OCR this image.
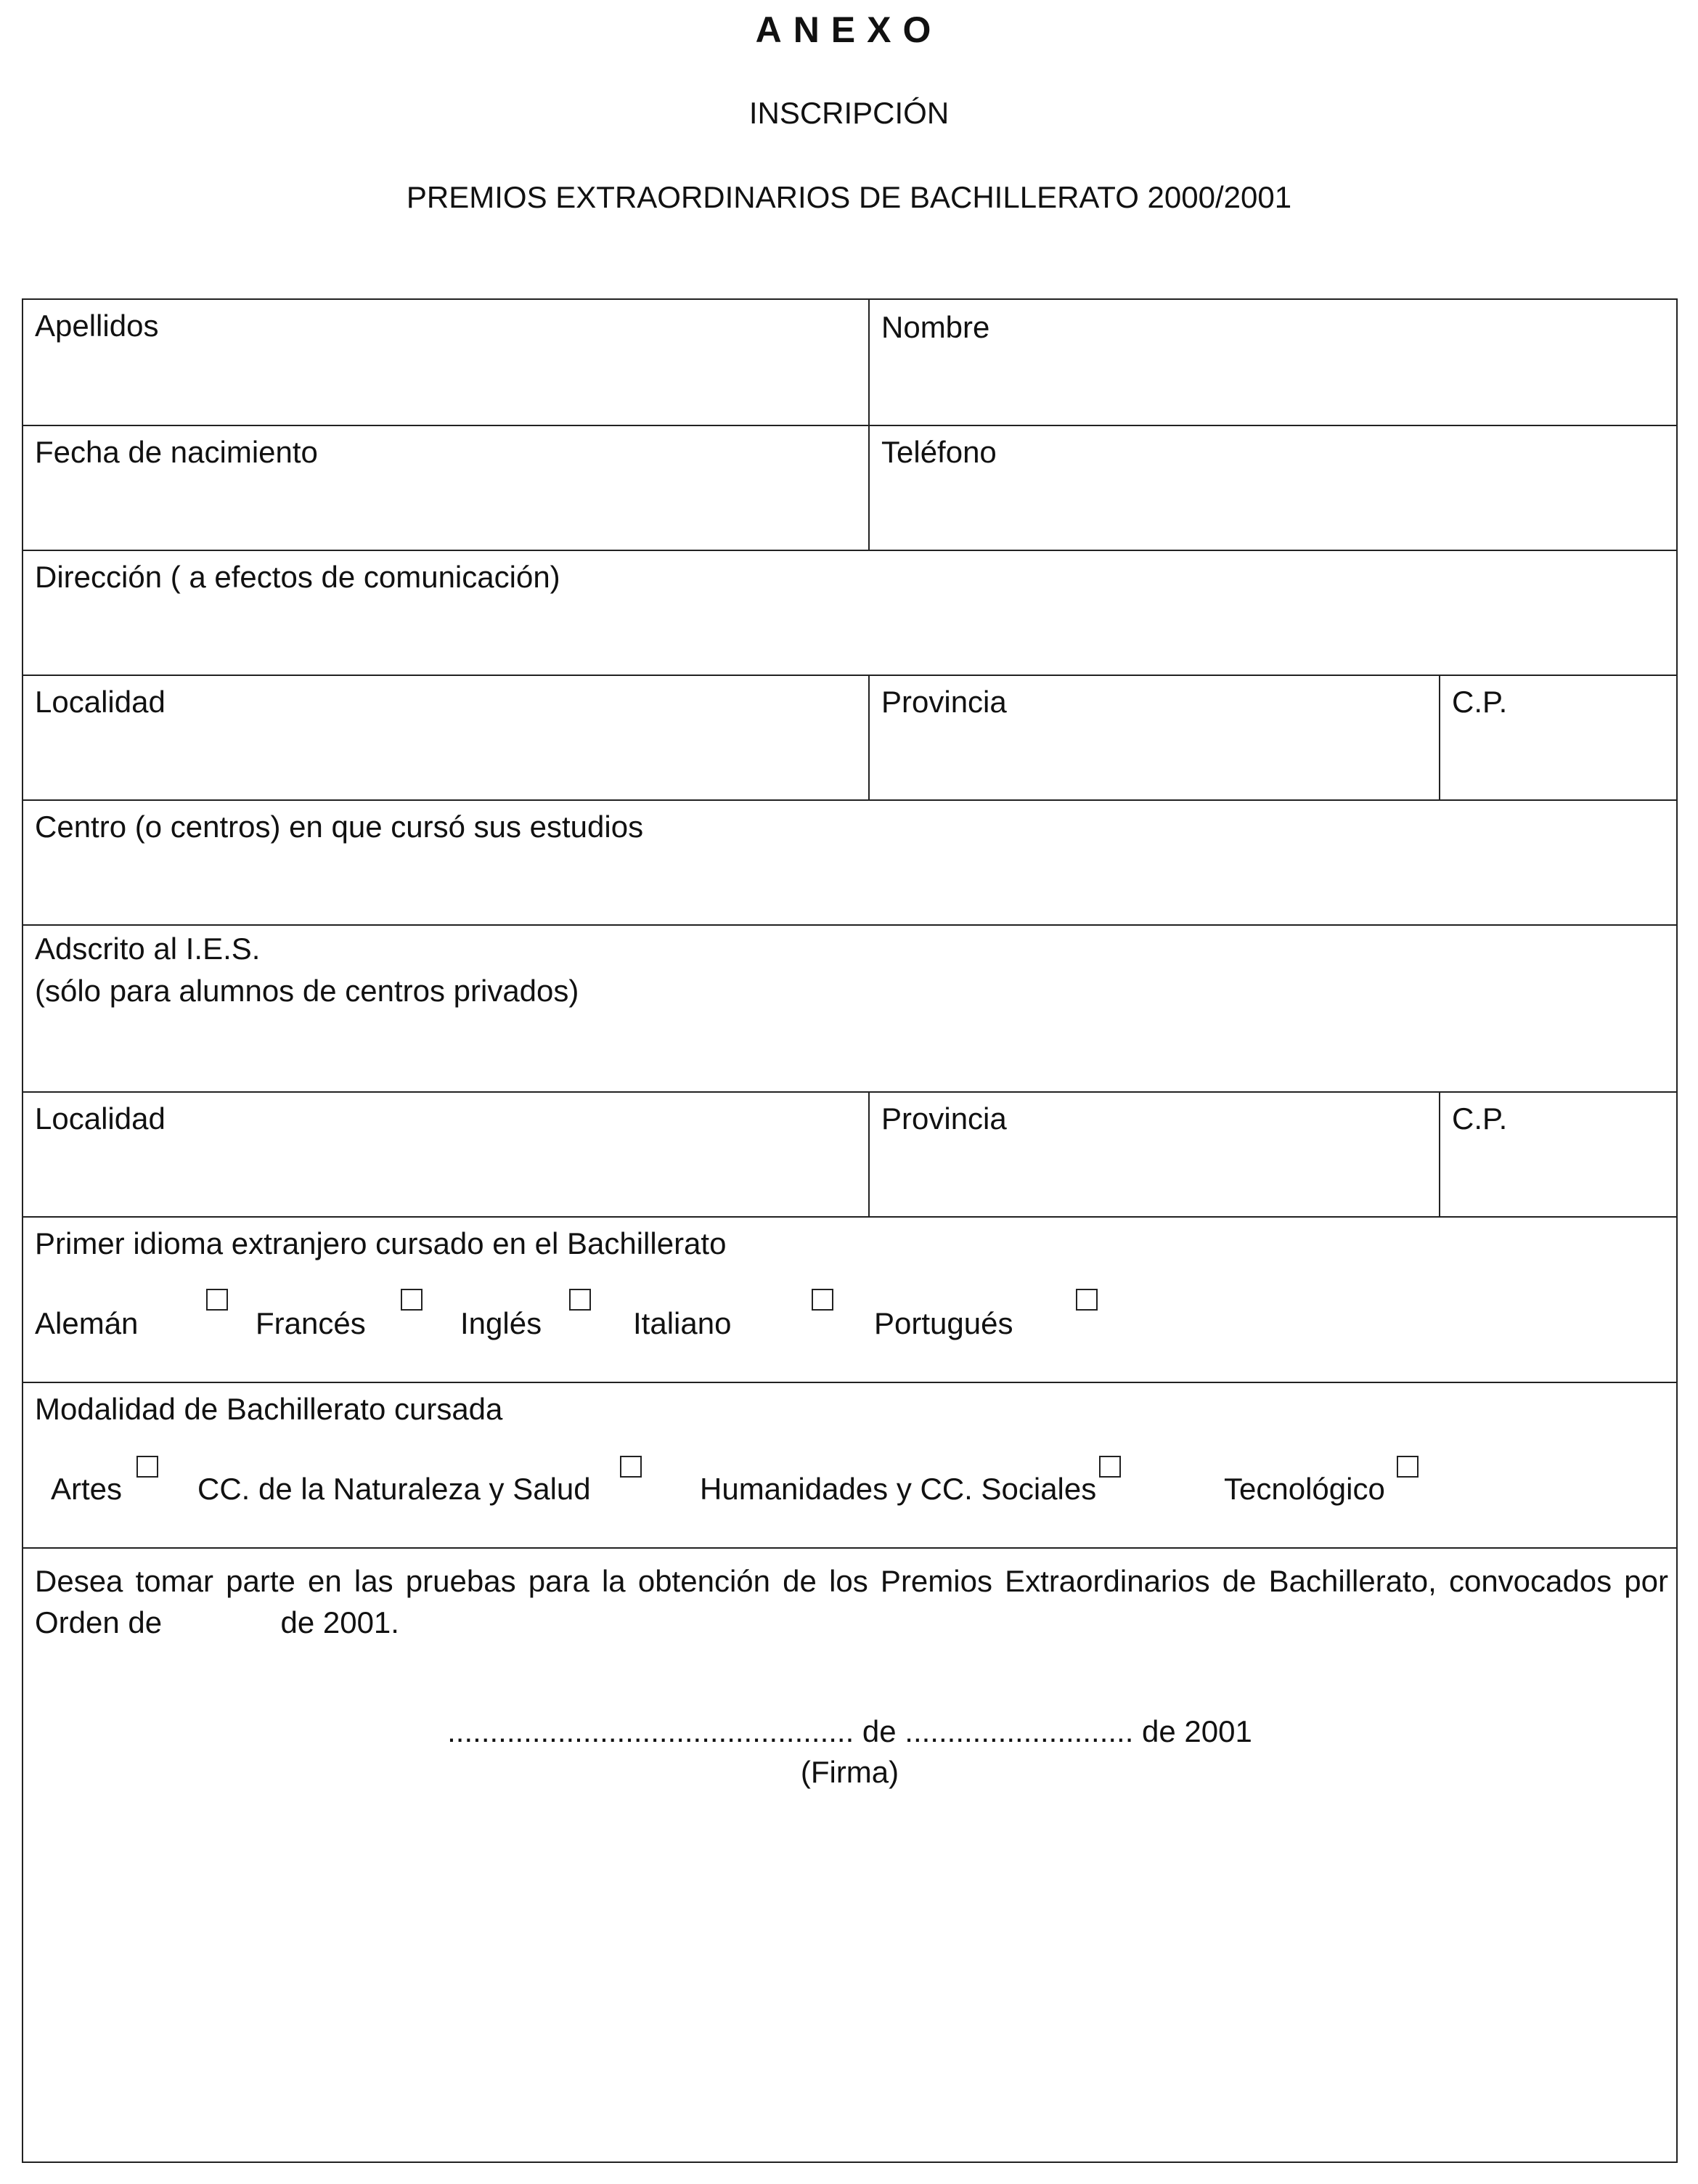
ANEXO
INSCRIPCIÓN
PREMIOS EXTRAORDINARIOS DE BACHILLERATO 2000/2001
Apellidos	Nombre
Fecha de nacimiento	Teléfono
Dirección ( a efectos de comunicación)
Localidad	Provincia	C.P.
Centro (o centros) en que cursó sus estudios
Adscrito al I.E.S.
(sólo para alumnos de centros privados)
Localidad	Provincia	C.P.
Primer idioma extranjero cursado en el Bachillerato
Alemán	Francés	Inglés	Italiano	Portugués
Modalidad de Bachillerato cursada
Artes CC. de la Naturaleza y Salud	Humanidades y CC. Sociales	Tecnológico
Desea tomar parte en las pruebas para la obtención de los Premios Extraordinarios de Bachillerato, convocados por Orden de	de 2001.
................................................ de ........................... de 2001
(Firma)
